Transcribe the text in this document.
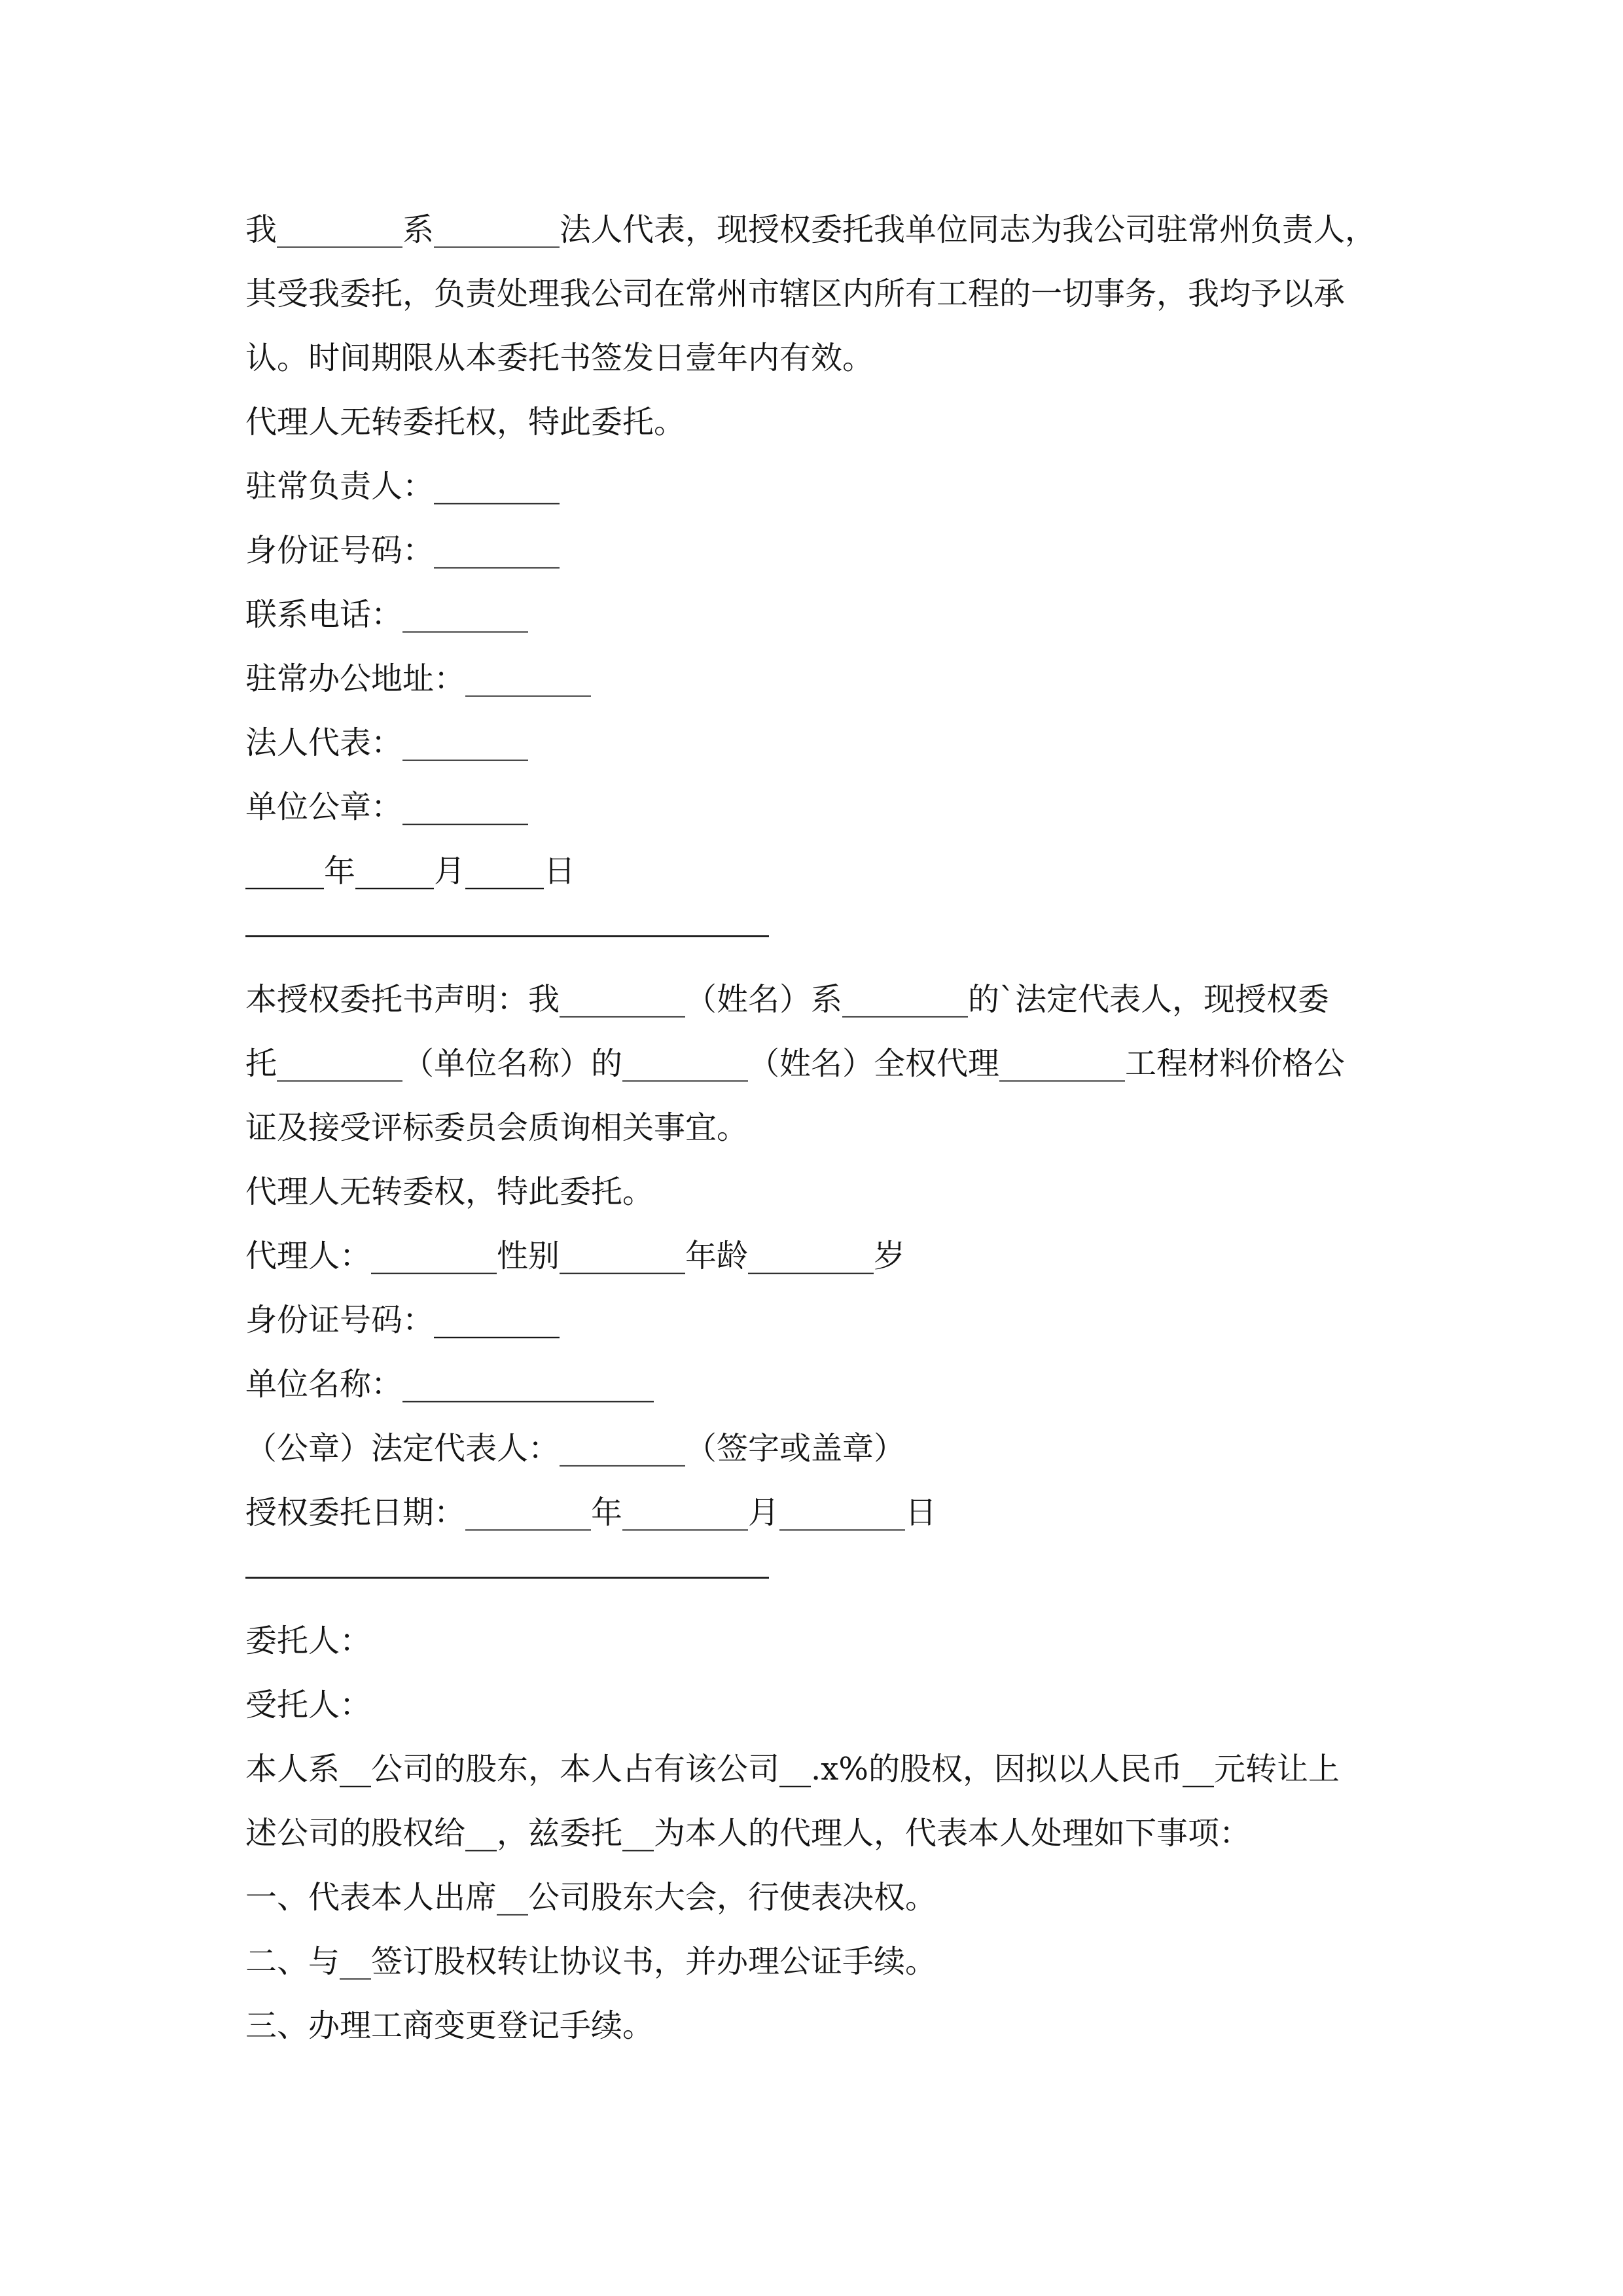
我________系________法人代表，现授权委托我单位同志为我公司驻常州负责人，

其受我委托，负责处理我公司在常州市辖区内所有工程的一切事务，我均予以承

认。时间期限从本委托书签发日壹年内有效。

代理人无转委托权，特此委托。

驻常负责人：________

身份证号码：________

联系电话：________

驻常办公地址：________

法人代表：________

单位公章：________

_____年_____月_____日

本授权委托书声明：我________（姓名）系________的`法定代表人，现授权委

托________（单位名称）的________（姓名）全权代理________工程材料价格公

证及接受评标委员会质询相关事宜。

代理人无转委权，特此委托。

代理人：________性别________年龄________岁

身份证号码：________

单位名称：________________

（公章）法定代表人：________（签字或盖章）

授权委托日期：________年________月________日

委托人：

受托人：

本人系__公司的股东，本人占有该公司__.x%的股权，因拟以人民币__元转让上

述公司的股权给__，兹委托__为本人的代理人，代表本人处理如下事项：

一、代表本人出席__公司股东大会，行使表决权。

二、与__签订股权转让协议书，并办理公证手续。

三、办理工商变更登记手续。
